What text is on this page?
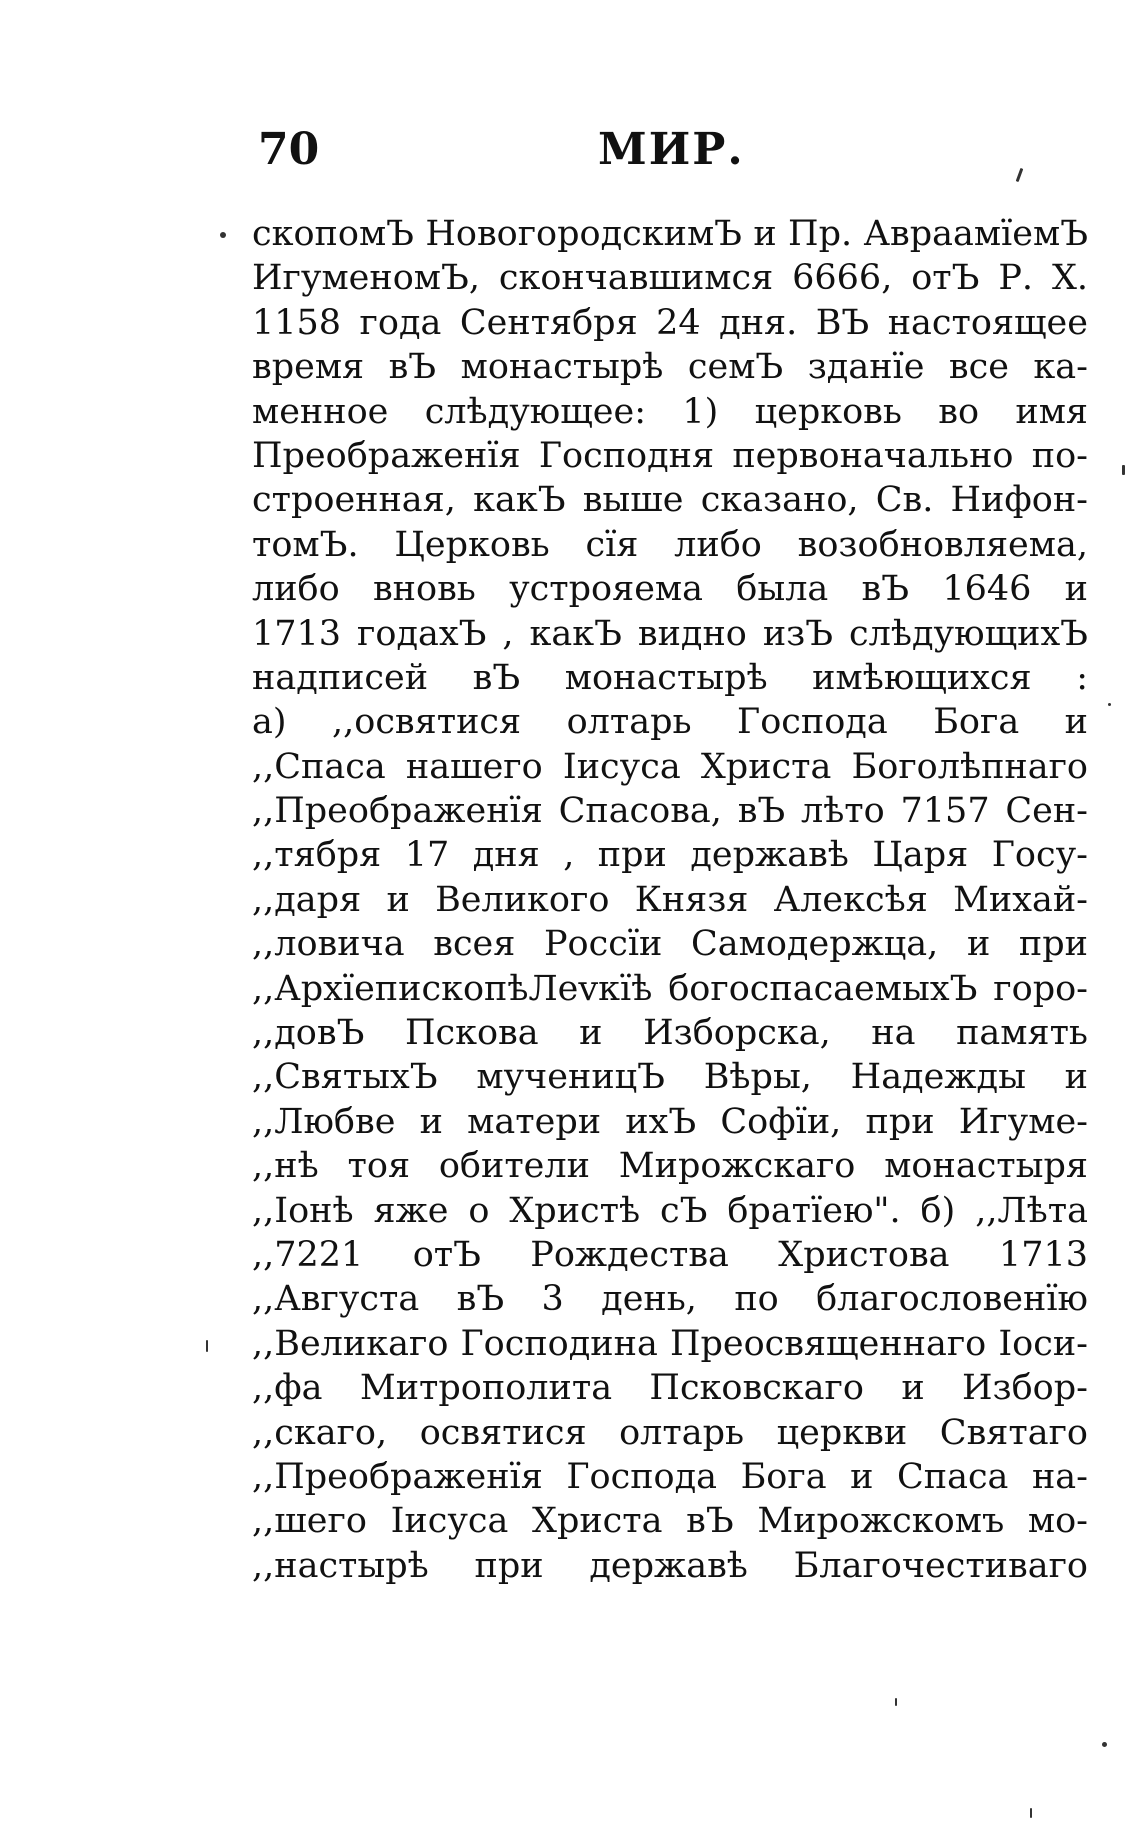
70	МИР.
скопомЪ НовогородскимЪ и Пр. АвраамïемЪ
ИгуменомЪ, скончавшимся 6666, отЪ Р. Х.
1158 года Сентября 24 дня. ВЪ настоящее
время вЪ монастырѣ семЪ зданïе все ка-
менное слѣдующее: 1) церковь во имя
Преображенïя Господня первоначально по-
строенная, какЪ выше сказано, Св. Нифон-
томЪ. Церковь сïя либо возобновляема,
либо вновь устрояема была вЪ 1646 и
1713 годахЪ , какЪ видно изЪ слѣдующихЪ
надписей вЪ монастырѣ имѣющихся :
а) ,,освятися олтарь Господа Бога и
,,Спаса нашего Iисуса Христа Боголѣпнаго
,,Преображенïя Спасова, вЪ лѣто 7157 Сен-
,,тября 17 дня , при державѣ Царя Госу-
,,даря и Великого Князя Алексѣя Михай-
,,ловича всея Россïи Самодержца, и при
,,АрхïепископѣЛеvкïѣ богоспасаемыхЪ горо-
,,довЪ Пскова и Изборска, на память
,,СвятыхЪ мученицЪ Вѣры, Надежды и
,,Любве и матери ихЪ Софïи, при Игуме-
,,нѣ тоя обители Мирожскаго монастыря
,,Iонѣ яже о Христѣ сЪ братïею". б) ,,Лѣта
,,7221 отЪ Рождества Христова 1713
,,Августа вЪ 3 день, по благословенïю
,,Великаго Господина Преосвященнаго Iоси-
,,фа Митрополита Псковскаго и Избор-
,,скаго, освятися олтарь церкви Святаго
,,Преображенïя Господа Бога и Спаса на-
,,шего Iисуса Христа вЪ Мирожскомъ мо-
,,настырѣ при державѣ Благочестиваго
